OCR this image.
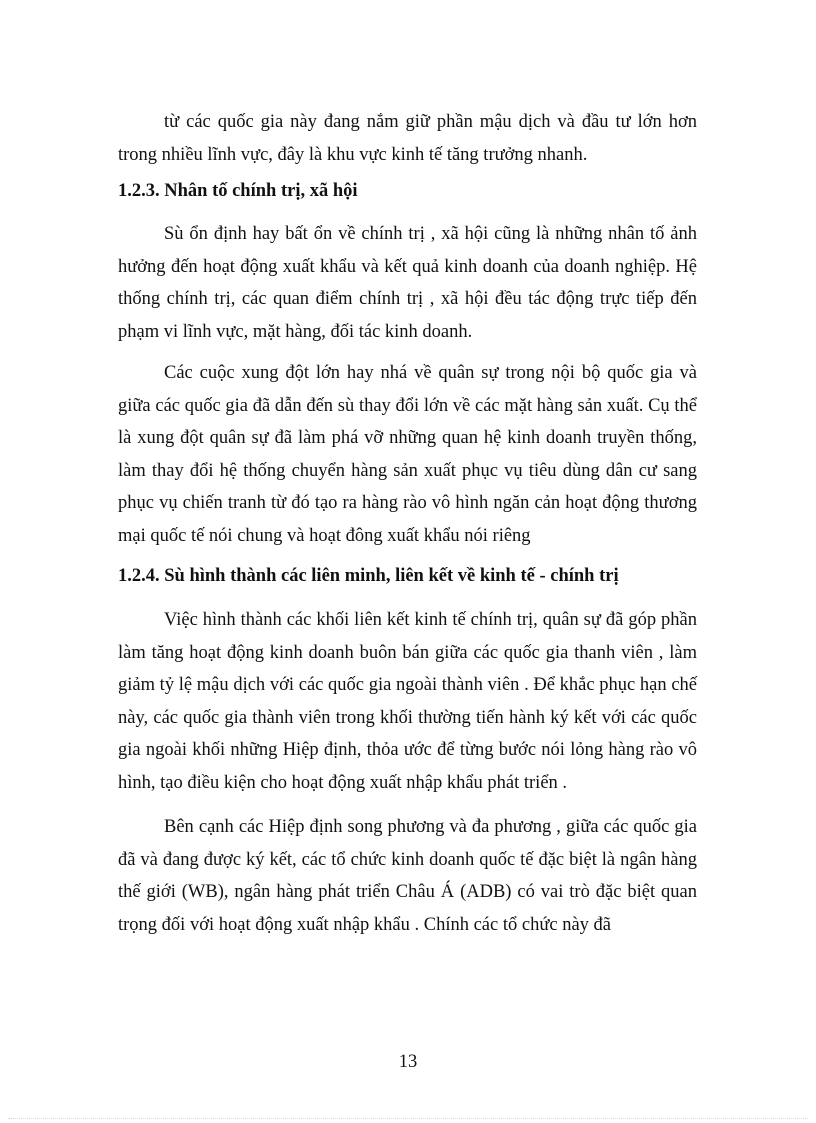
từ các quốc gia này đang nắm giữ phần mậu dịch và đầu tư lớn hơn trong nhiều lĩnh vực, đây là khu vực kinh tế tăng trưởng nhanh.

1.2.3. Nhân tố chính trị, xã hội

Sù ổn định hay bất ổn về chính trị , xã hội cũng là những nhân tố ảnh hưởng đến hoạt động xuất khẩu và kết quả kinh doanh của doanh nghiệp. Hệ thống chính trị, các quan điểm chính trị , xã hội đều tác động trực tiếp đến phạm vi lĩnh vực, mặt hàng, đối tác kinh doanh.

Các cuộc xung đột lớn hay nhá về quân sự trong nội bộ quốc gia và giữa các quốc gia đã dẫn đến sù thay đổi lớn về các mặt hàng sản xuất. Cụ thể là xung đột quân sự đã làm phá vỡ những quan hệ kinh doanh truyền thống, làm thay đổi hệ thống chuyển hàng sản xuất phục vụ tiêu dùng dân cư sang phục vụ chiến tranh từ đó tạo ra hàng rào vô hình ngăn cản hoạt động thương mại quốc tế nói chung và hoạt đông xuất khẩu nói riêng

1.2.4. Sù hình thành các liên minh, liên kết về kinh tế - chính trị

Việc hình thành các khối liên kết kinh tế chính trị, quân sự đã góp phần làm tăng hoạt động kinh doanh buôn bán giữa các quốc gia thanh viên , làm giảm tỷ lệ mậu dịch với các quốc gia ngoài thành viên . Để khắc phục hạn chế này, các quốc gia thành viên trong khối thường tiến hành ký kết với các quốc gia ngoài khối những Hiệp định, thỏa ước để từng bước nói lỏng hàng rào vô hình, tạo điều kiện cho hoạt động xuất nhập khẩu phát triển .

Bên cạnh các Hiệp định song phương và đa phương , giữa các quốc gia đã và đang được ký kết, các tổ chức kinh doanh quốc tế đặc biệt là ngân hàng thế giới (WB), ngân hàng phát triển Châu Á (ADB) có vai trò đặc biệt quan trọng đối với hoạt động xuất nhập khẩu . Chính các tổ chức này đã

13
